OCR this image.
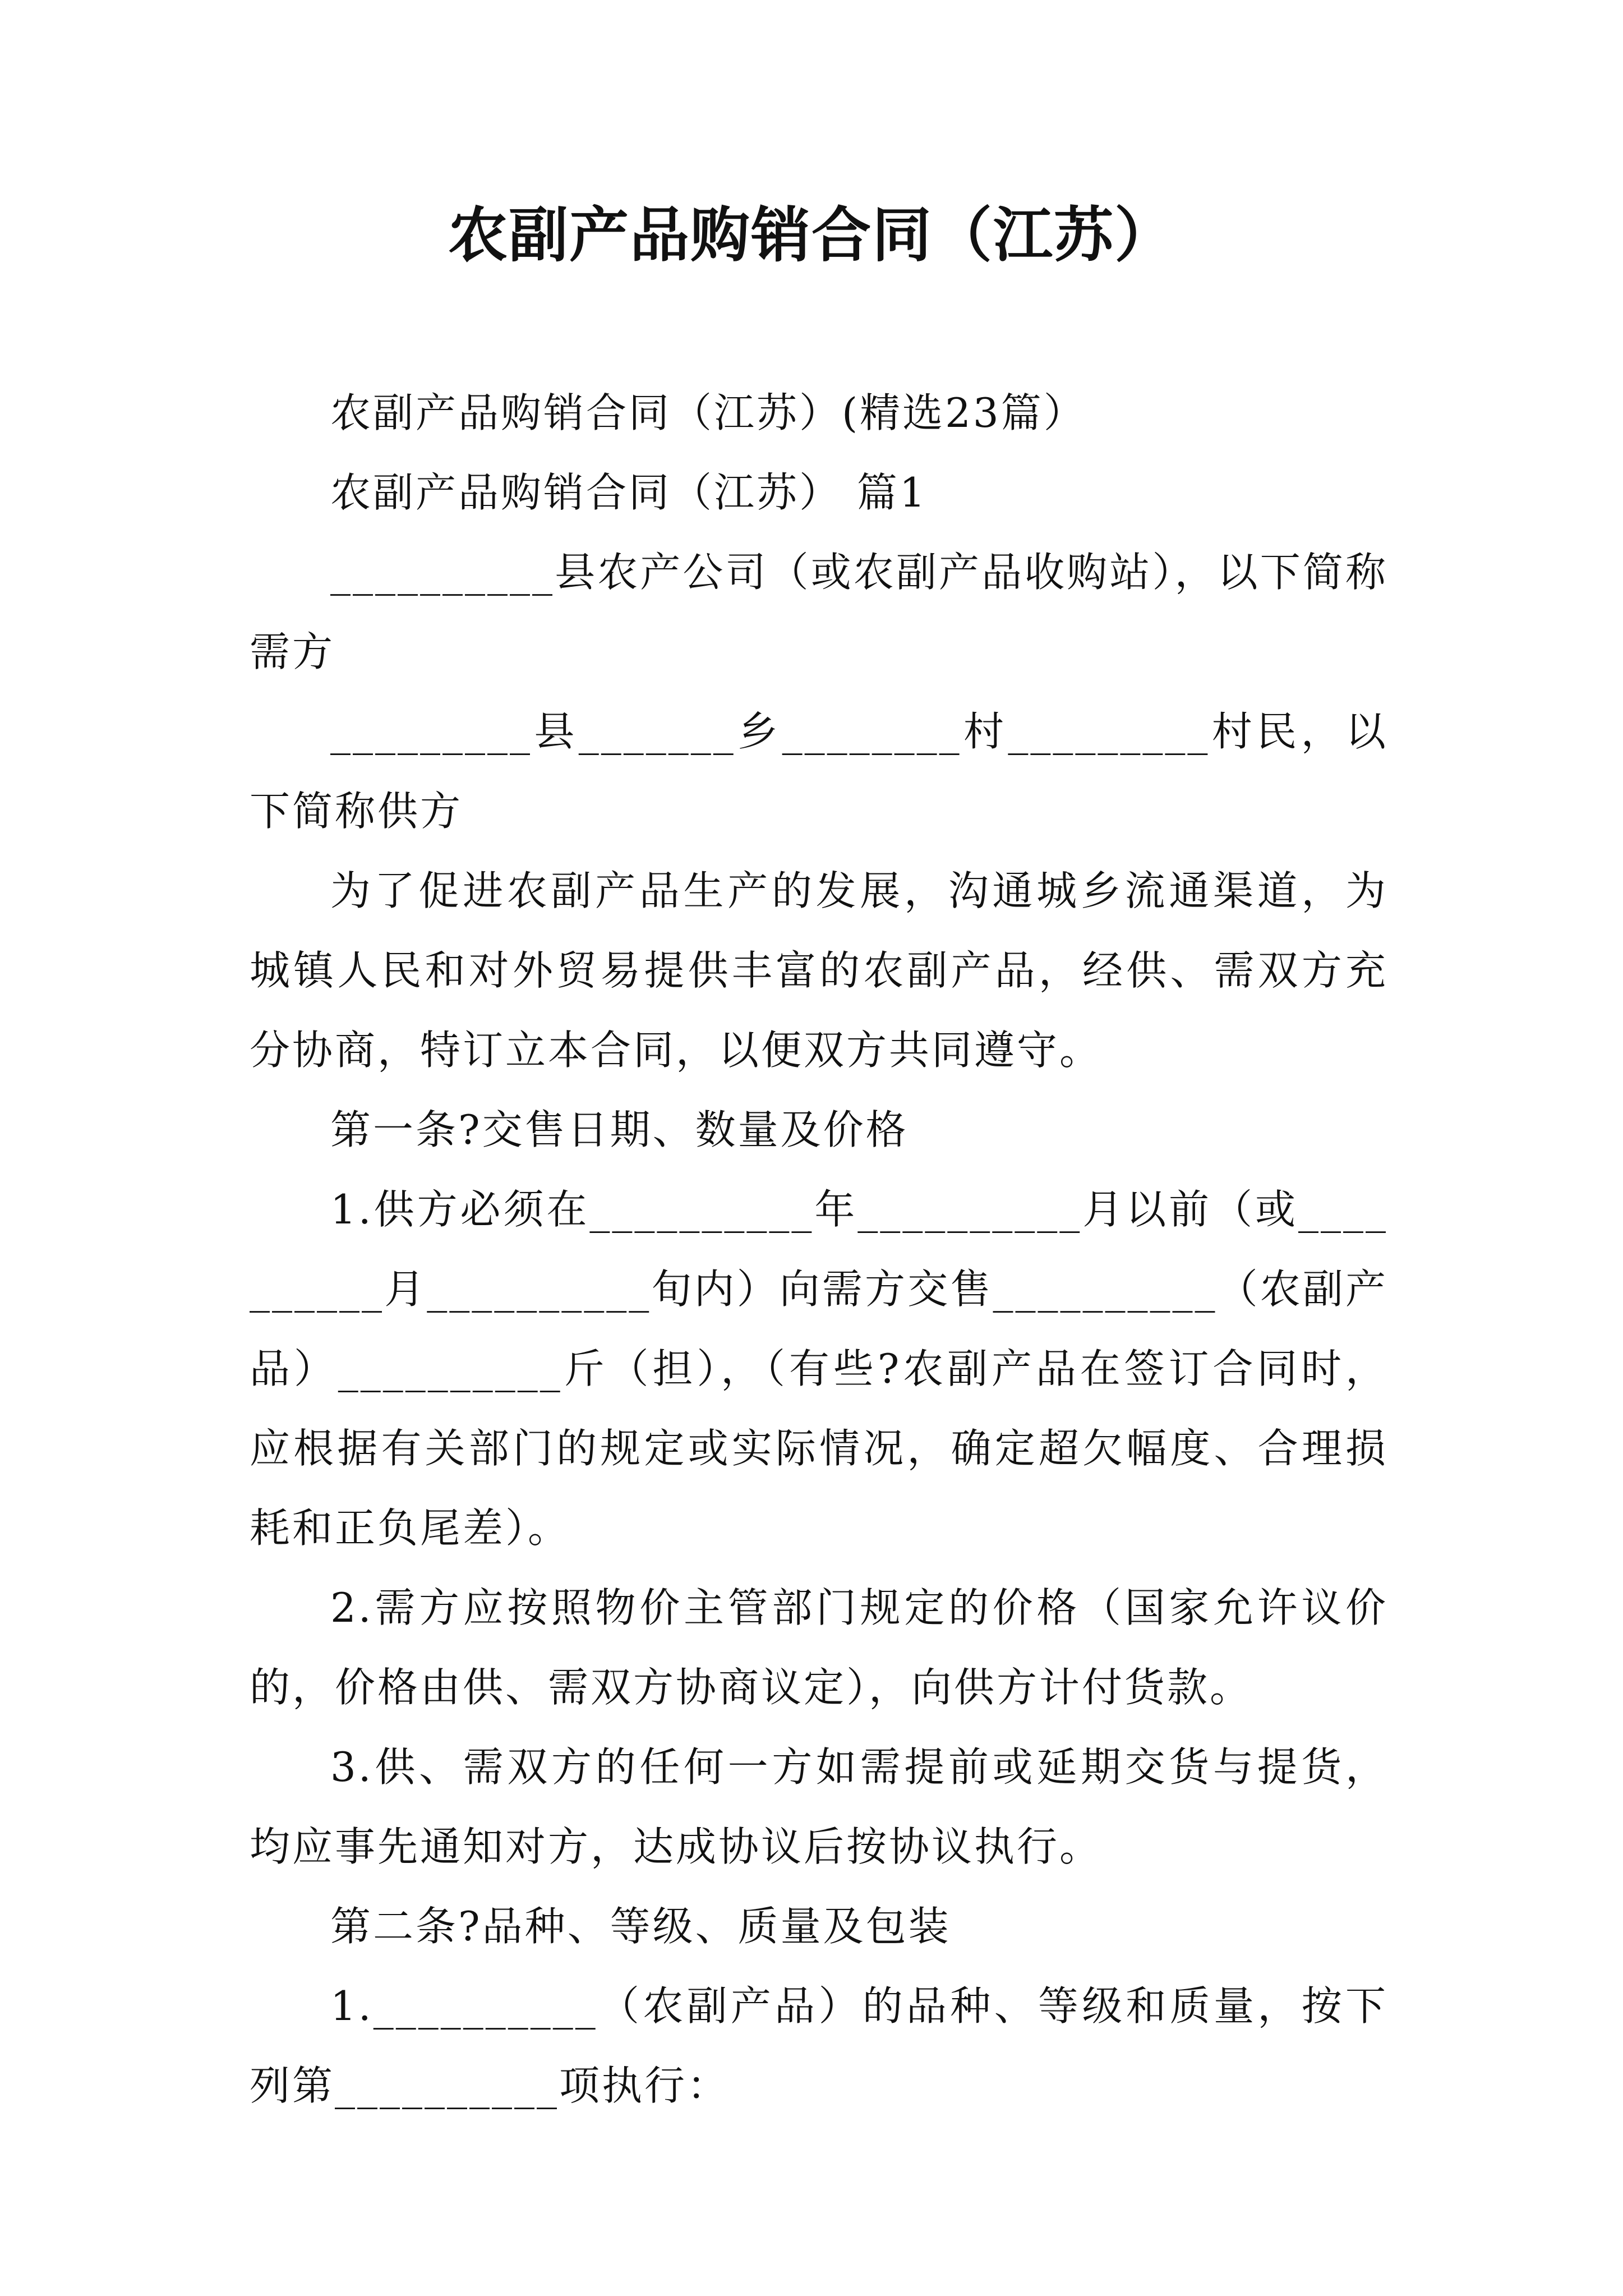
农副产品购销合同（江苏）

农副产品购销合同（江苏）(精选23篇）

农副产品购销合同（江苏） 篇1

__________县农产公司（或农副产品收购站），以下简称需方

_________县_______乡________村_________村民，以下简称供方

为了促进农副产品生产的发展，沟通城乡流通渠道，为城镇人民和对外贸易提供丰富的农副产品，经供、需双方充分协商，特订立本合同，以便双方共同遵守。

第一条?交售日期、数量及价格

1.供方必须在__________年__________月以前（或__________月__________旬内）向需方交售__________（农副产品）__________斤（担），（有些?农副产品在签订合同时，应根据有关部门的规定或实际情况，确定超欠幅度、合理损耗和正负尾差）。

2.需方应按照物价主管部门规定的价格（国家允许议价的，价格由供、需双方协商议定），向供方计付货款。

3.供、需双方的任何一方如需提前或延期交货与提货，均应事先通知对方，达成协议后按协议执行。

第二条?品种、等级、质量及包装

1.__________（农副产品）的品种、等级和质量，按下列第__________项执行：
